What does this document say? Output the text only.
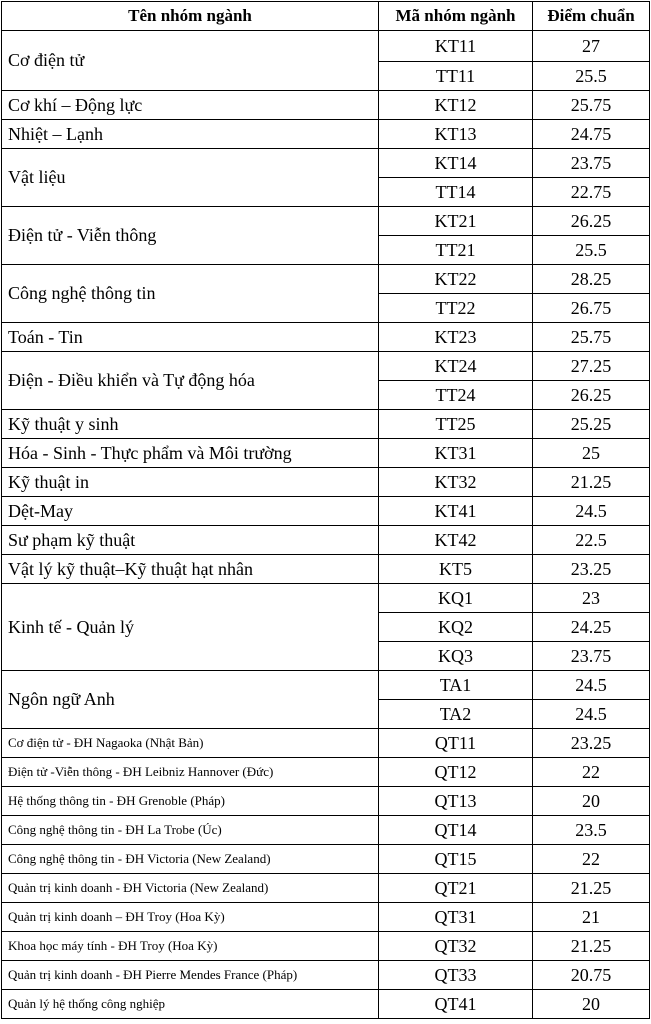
Tên nhóm ngành	Mã nhóm ngành	Điểm chuẩn
Cơ điện tử	KT11	27
	TT11	25.5
Cơ khí – Động lực	KT12	25.75
Nhiệt – Lạnh	KT13	24.75
Vật liệu	KT14	23.75
	TT14	22.75
Điện tử - Viễn thông	KT21	26.25
	TT21	25.5
Công nghệ thông tin	KT22	28.25
	TT22	26.75
Toán - Tin	KT23	25.75
Điện - Điều khiển và Tự động hóa	KT24	27.25
	TT24	26.25
Kỹ thuật y sinh	TT25	25.25
Hóa - Sinh - Thực phẩm và Môi trường	KT31	25
Kỹ thuật in	KT32	21.25
Dệt-May	KT41	24.5
Sư phạm kỹ thuật	KT42	22.5
Vật lý kỹ thuật–Kỹ thuật hạt nhân	KT5	23.25
Kinh tế - Quản lý	KQ1	23
	KQ2	24.25
	KQ3	23.75
Ngôn ngữ Anh	TA1	24.5
	TA2	24.5
Cơ điện tử - ĐH Nagaoka (Nhật Bản)	QT11	23.25
Điện tử -Viễn thông - ĐH Leibniz Hannover (Đức)	QT12	22
Hệ thống thông tin - ĐH Grenoble (Pháp)	QT13	20
Công nghệ thông tin - ĐH La Trobe (Úc)	QT14	23.5
Công nghệ thông tin - ĐH Victoria (New Zealand)	QT15	22
Quản trị kinh doanh - ĐH Victoria (New Zealand)	QT21	21.25
Quản trị kinh doanh – ĐH Troy (Hoa Kỳ)	QT31	21
Khoa học máy tính - ĐH Troy (Hoa Kỳ)	QT32	21.25
Quản trị kinh doanh - ĐH Pierre Mendes France (Pháp)	QT33	20.75
Quản lý hệ thống công nghiệp	QT41	20
